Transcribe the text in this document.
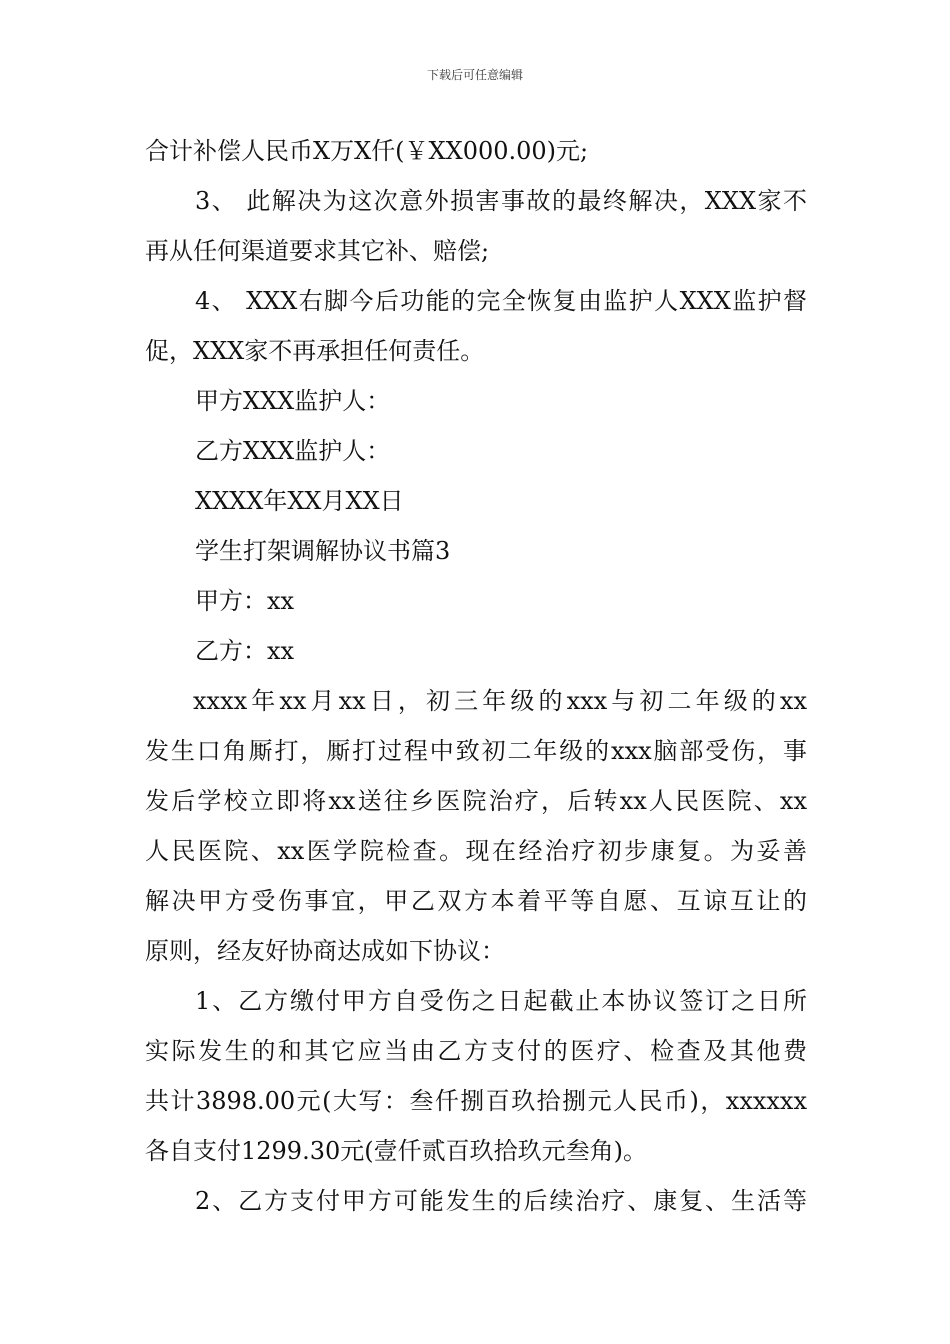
下载后可任意编辑
合计补偿人民币X万X仟(￥XX000.00)元;
3、 此解决为这次意外损害事故的最终解决，XXX家不
再从任何渠道要求其它补、赔偿;
4、 XXX右脚今后功能的完全恢复由监护人XXX监护督
促，XXX家不再承担任何责任。
甲方XXX监护人：
乙方XXX监护人：
XXXX年XX月XX日
学生打架调解协议书篇3
甲方：xx
乙方：xx
xxxx年xx月xx日，初三年级的xxx与初二年级的xx
发生口角厮打，厮打过程中致初二年级的xxx脑部受伤，事
发后学校立即将xx送往乡医院治疗，后转xx人民医院、xx
人民医院、xx医学院检查。现在经治疗初步康复。为妥善
解决甲方受伤事宜，甲乙双方本着平等自愿、互谅互让的
原则，经友好协商达成如下协议：
1、乙方缴付甲方自受伤之日起截止本协议签订之日所
实际发生的和其它应当由乙方支付的医疗、检查及其他费
共计3898.00元(大写：叁仟捌百玖拾捌元人民币)，xxxxxx
各自支付1299.30元(壹仟贰百玖拾玖元叁角)。
2、乙方支付甲方可能发生的后续治疗、康复、生活等
